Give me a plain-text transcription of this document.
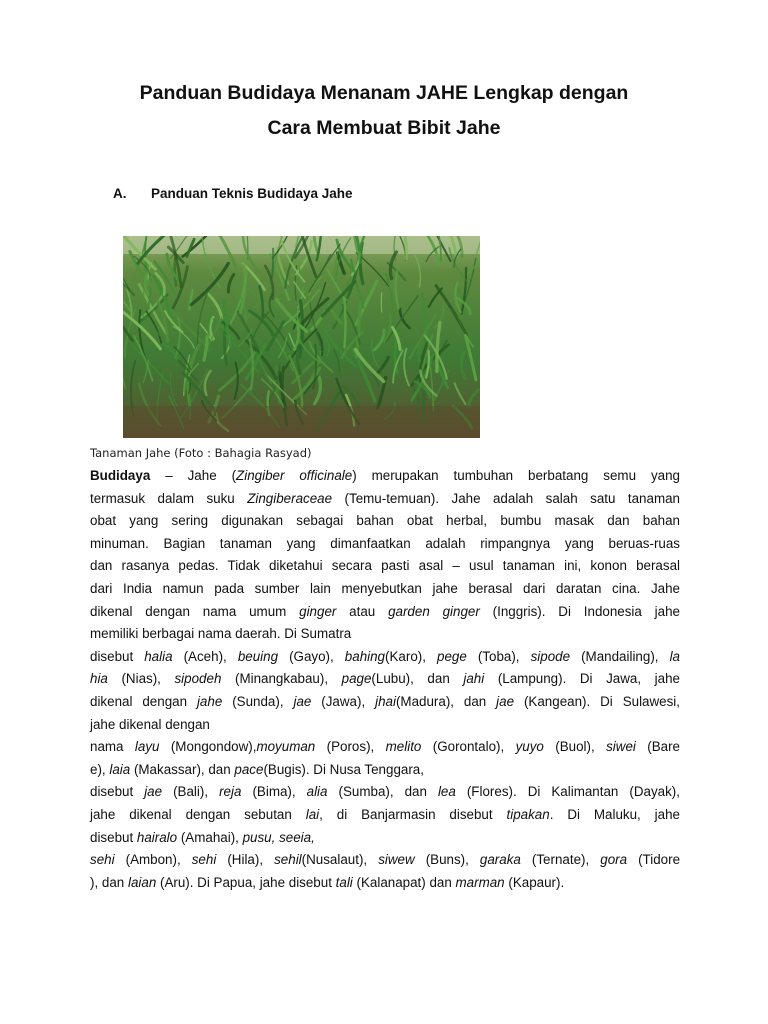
Panduan Budidaya Menanam JAHE Lengkap dengan
Cara Membuat Bibit Jahe
A.	Panduan Teknis Budidaya Jahe
Tanaman Jahe (Foto : Bahagia Rasyad)
Budidaya – Jahe (Zingiber officinale) merupakan tumbuhan berbatang semu yang
termasuk dalam suku Zingiberaceae (Temu-temuan). Jahe adalah salah satu tanaman
obat yang sering digunakan sebagai bahan obat herbal, bumbu masak dan bahan
minuman. Bagian tanaman yang dimanfaatkan adalah rimpangnya yang beruas-ruas
dan rasanya pedas. Tidak diketahui secara pasti asal – usul tanaman ini, konon berasal
dari India namun pada sumber lain menyebutkan jahe berasal dari daratan cina. Jahe
dikenal dengan nama umum ginger atau garden ginger (Inggris). Di Indonesia jahe
memiliki berbagai nama daerah. Di Sumatra
disebut halia (Aceh), beuing (Gayo), bahing(Karo), pege (Toba), sipode (Mandailing), la
hia (Nias), sipodeh (Minangkabau), page(Lubu), dan jahi (Lampung). Di Jawa, jahe
dikenal dengan jahe (Sunda), jae (Jawa), jhai(Madura), dan jae (Kangean). Di Sulawesi,
jahe dikenal dengan
nama layu (Mongondow),moyuman (Poros), melito (Gorontalo), yuyo (Buol), siwei (Bare
e), laia (Makassar), dan pace(Bugis). Di Nusa Tenggara,
disebut jae (Bali), reja (Bima), alia (Sumba), dan lea (Flores). Di Kalimantan (Dayak),
jahe dikenal dengan sebutan lai, di Banjarmasin disebut tipakan. Di Maluku, jahe
disebut hairalo (Amahai), pusu, seeia,
sehi (Ambon), sehi (Hila), sehil(Nusalaut), siwew (Buns), garaka (Ternate), gora (Tidore
), dan laian (Aru). Di Papua, jahe disebut tali (Kalanapat) dan marman (Kapaur).
